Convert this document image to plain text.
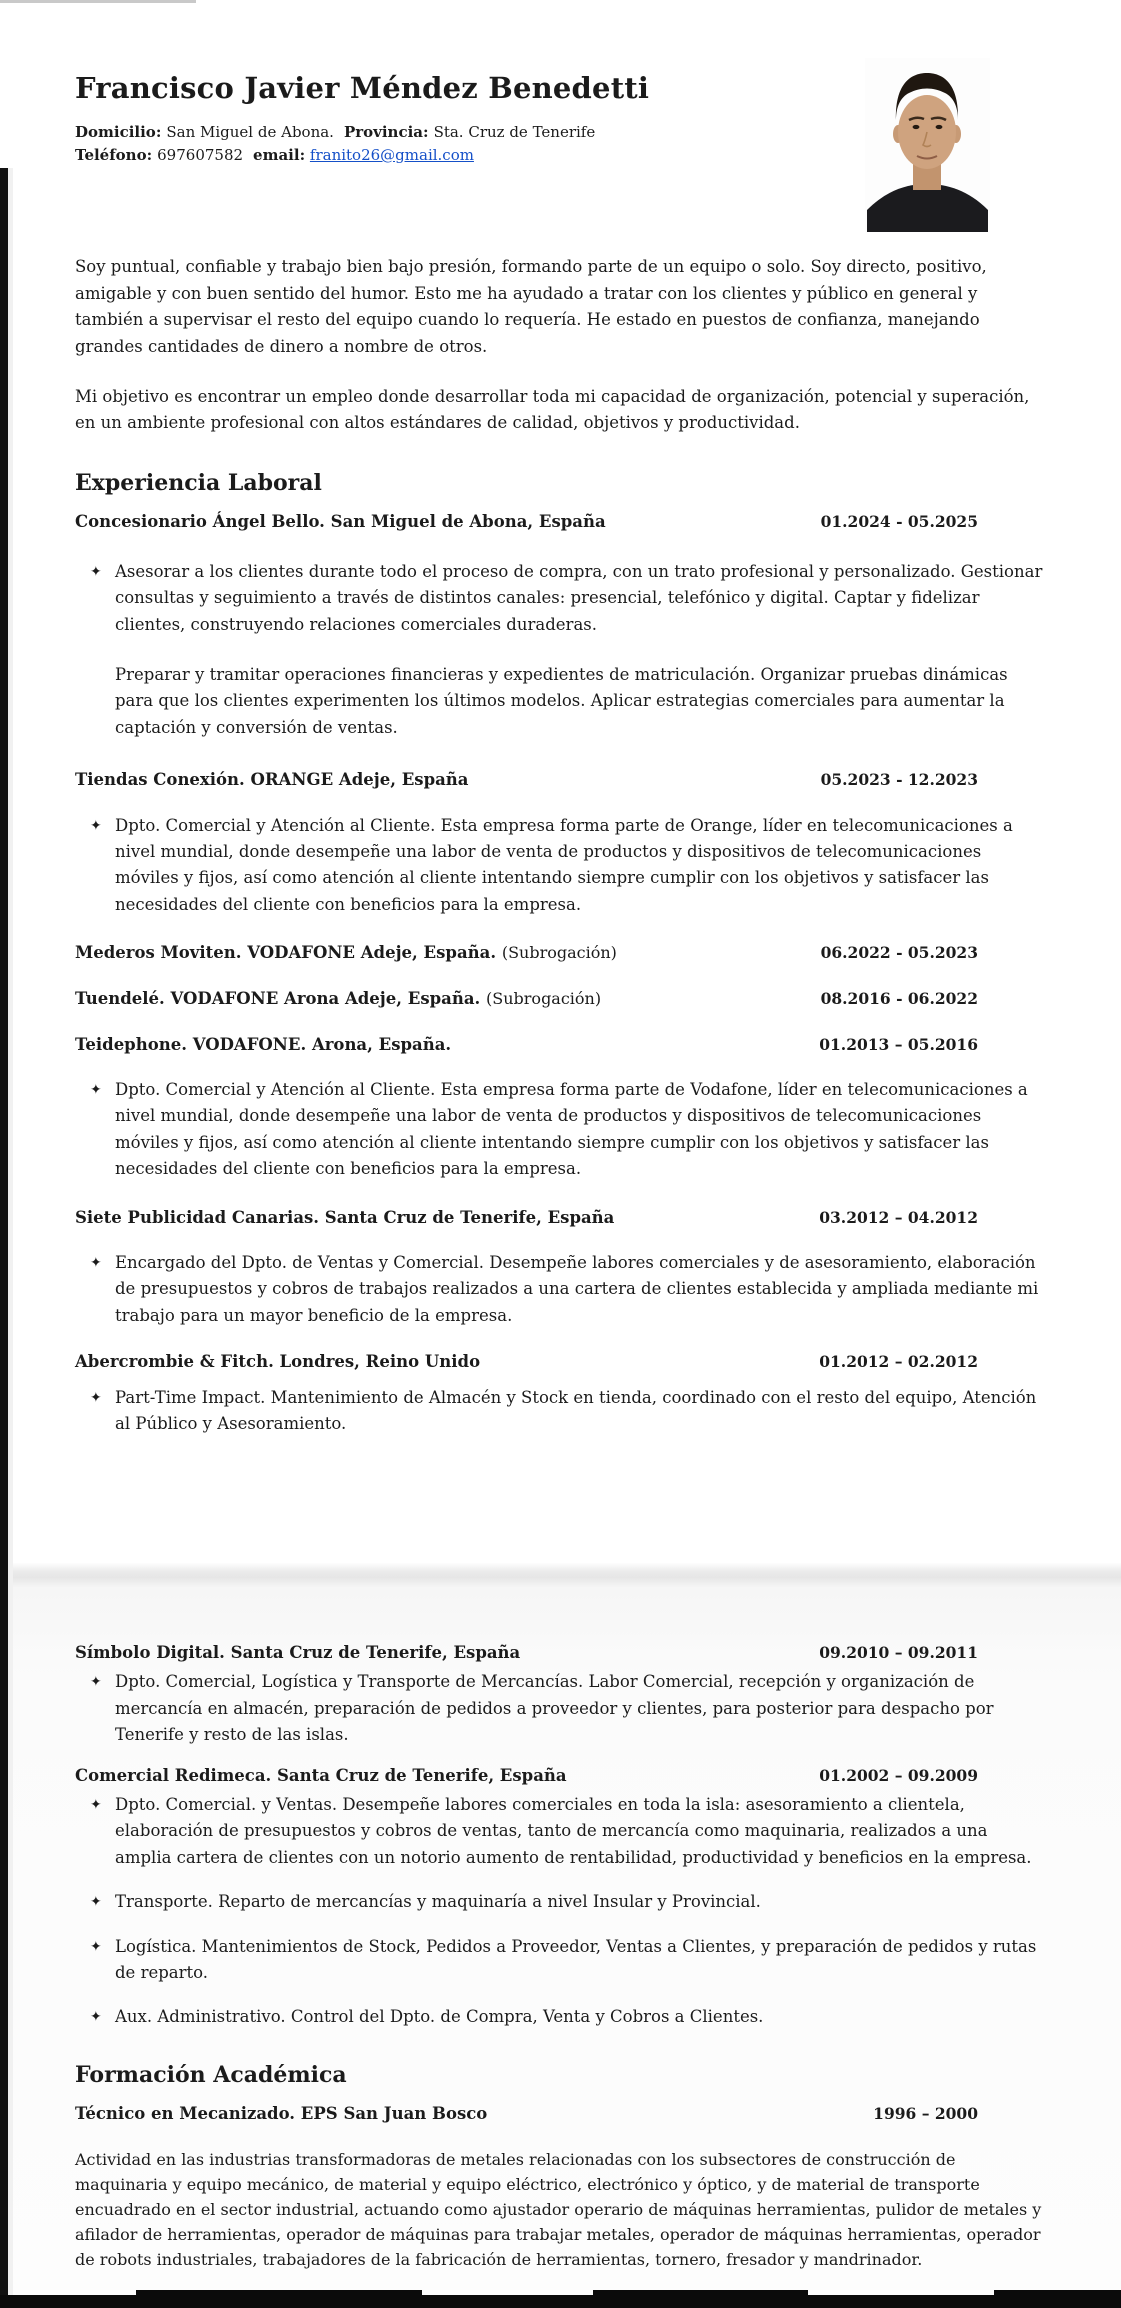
Francisco Javier Méndez Benedetti
Domicilio: San Miguel de Abona. Provincia: Sta. Cruz de Tenerife
Teléfono: 697607582 email: franito26@gmail.com
Soy puntual, confiable y trabajo bien bajo presión, formando parte de un equipo o solo. Soy directo, positivo, amigable y con buen sentido del humor. Esto me ha ayudado a tratar con los clientes y público en general y también a supervisar el resto del equipo cuando lo requería. He estado en puestos de confianza, manejando grandes cantidades de dinero a nombre de otros.
Mi objetivo es encontrar un empleo donde desarrollar toda mi capacidad de organización, potencial y superación, en un ambiente profesional con altos estándares de calidad, objetivos y productividad.
Experiencia Laboral
Concesionario Ángel Bello. San Miguel de Abona, España	01.2024 - 05.2025
✦ Asesorar a los clientes durante todo el proceso de compra, con un trato profesional y personalizado. Gestionar consultas y seguimiento a través de distintos canales: presencial, telefónico y digital. Captar y fidelizar clientes, construyendo relaciones comerciales duraderas.
Preparar y tramitar operaciones financieras y expedientes de matriculación. Organizar pruebas dinámicas para que los clientes experimenten los últimos modelos. Aplicar estrategias comerciales para aumentar la captación y conversión de ventas.
Tiendas Conexión. ORANGE Adeje, España	05.2023 - 12.2023
✦ Dpto. Comercial y Atención al Cliente. Esta empresa forma parte de Orange, líder en telecomunicaciones a nivel mundial, donde desempeñe una labor de venta de productos y dispositivos de telecomunicaciones móviles y fijos, así como atención al cliente intentando siempre cumplir con los objetivos y satisfacer las necesidades del cliente con beneficios para la empresa.
Mederos Moviten. VODAFONE Adeje, España. (Subrogación)	06.2022 - 05.2023
Tuendelé. VODAFONE Arona Adeje, España. (Subrogación)	08.2016 - 06.2022
Teidephone. VODAFONE. Arona, España.	01.2013 – 05.2016
✦ Dpto. Comercial y Atención al Cliente. Esta empresa forma parte de Vodafone, líder en telecomunicaciones a nivel mundial, donde desempeñe una labor de venta de productos y dispositivos de telecomunicaciones móviles y fijos, así como atención al cliente intentando siempre cumplir con los objetivos y satisfacer las necesidades del cliente con beneficios para la empresa.
Siete Publicidad Canarias. Santa Cruz de Tenerife, España	03.2012 – 04.2012
✦ Encargado del Dpto. de Ventas y Comercial. Desempeñe labores comerciales y de asesoramiento, elaboración de presupuestos y cobros de trabajos realizados a una cartera de clientes establecida y ampliada mediante mi trabajo para un mayor beneficio de la empresa.
Abercrombie & Fitch. Londres, Reino Unido	01.2012 – 02.2012
✦ Part-Time Impact. Mantenimiento de Almacén y Stock en tienda, coordinado con el resto del equipo, Atención al Público y Asesoramiento.
Símbolo Digital. Santa Cruz de Tenerife, España	09.2010 – 09.2011
✦ Dpto. Comercial, Logística y Transporte de Mercancías. Labor Comercial, recepción y organización de mercancía en almacén, preparación de pedidos a proveedor y clientes, para posterior para despacho por Tenerife y resto de las islas.
Comercial Redimeca. Santa Cruz de Tenerife, España	01.2002 – 09.2009
✦ Dpto. Comercial. y Ventas. Desempeñe labores comerciales en toda la isla: asesoramiento a clientela, elaboración de presupuestos y cobros de ventas, tanto de mercancía como maquinaria, realizados a una amplia cartera de clientes con un notorio aumento de rentabilidad, productividad y beneficios en la empresa.
✦ Transporte. Reparto de mercancías y maquinaría a nivel Insular y Provincial.
✦ Logística. Mantenimientos de Stock, Pedidos a Proveedor, Ventas a Clientes, y preparación de pedidos y rutas de reparto.
✦ Aux. Administrativo. Control del Dpto. de Compra, Venta y Cobros a Clientes.
Formación Académica
Técnico en Mecanizado. EPS San Juan Bosco	1996 – 2000
Actividad en las industrias transformadoras de metales relacionadas con los subsectores de construcción de maquinaria y equipo mecánico, de material y equipo eléctrico, electrónico y óptico, y de material de transporte encuadrado en el sector industrial, actuando como ajustador operario de máquinas herramientas, pulidor de metales y afilador de herramientas, operador de máquinas para trabajar metales, operador de máquinas herramientas, operador de robots industriales, trabajadores de la fabricación de herramientas, tornero, fresador y mandrinador.
